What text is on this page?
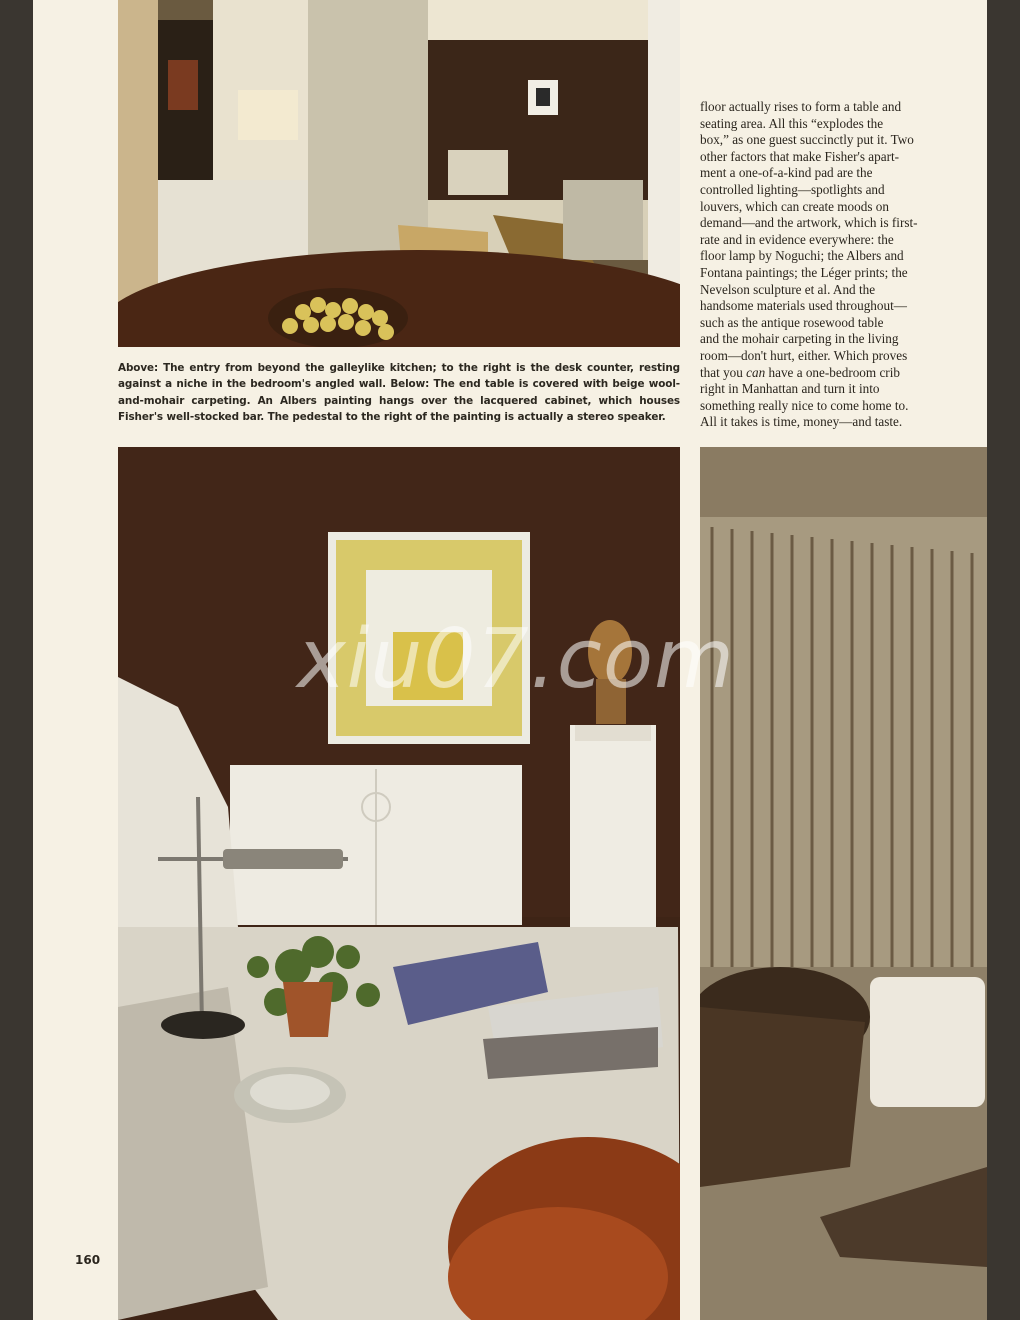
Above: The entry from beyond the galleylike kitchen; to the right is the desk counter, resting against a niche in the bedroom's angled wall. Below: The end table is covered with beige wool-and-mohair carpeting. An Albers painting hangs over the lacquered cabinet, which houses Fisher's well-stocked bar. The pedestal to the right of the painting is actually a stereo speaker.

floor actually rises to form a table and
seating area. All this “explodes the
box,” as one guest succinctly put it. Two
other factors that make Fisher's apart-
ment a one-of-a-kind pad are the
controlled lighting—spotlights and
louvers, which can create moods on
demand—and the artwork, which is first-
rate and in evidence everywhere: the
floor lamp by Noguchi; the Albers and
Fontana paintings; the Léger prints; the
Nevelson sculpture et al. And the
handsome materials used throughout—
such as the antique rosewood table
and the mohair carpeting in the living
room—don't hurt, either. Which proves
that you can have a one-bedroom crib
right in Manhattan and turn it into
something really nice to come home to.
All it takes is time, money—and taste.

160
xiu07.com
